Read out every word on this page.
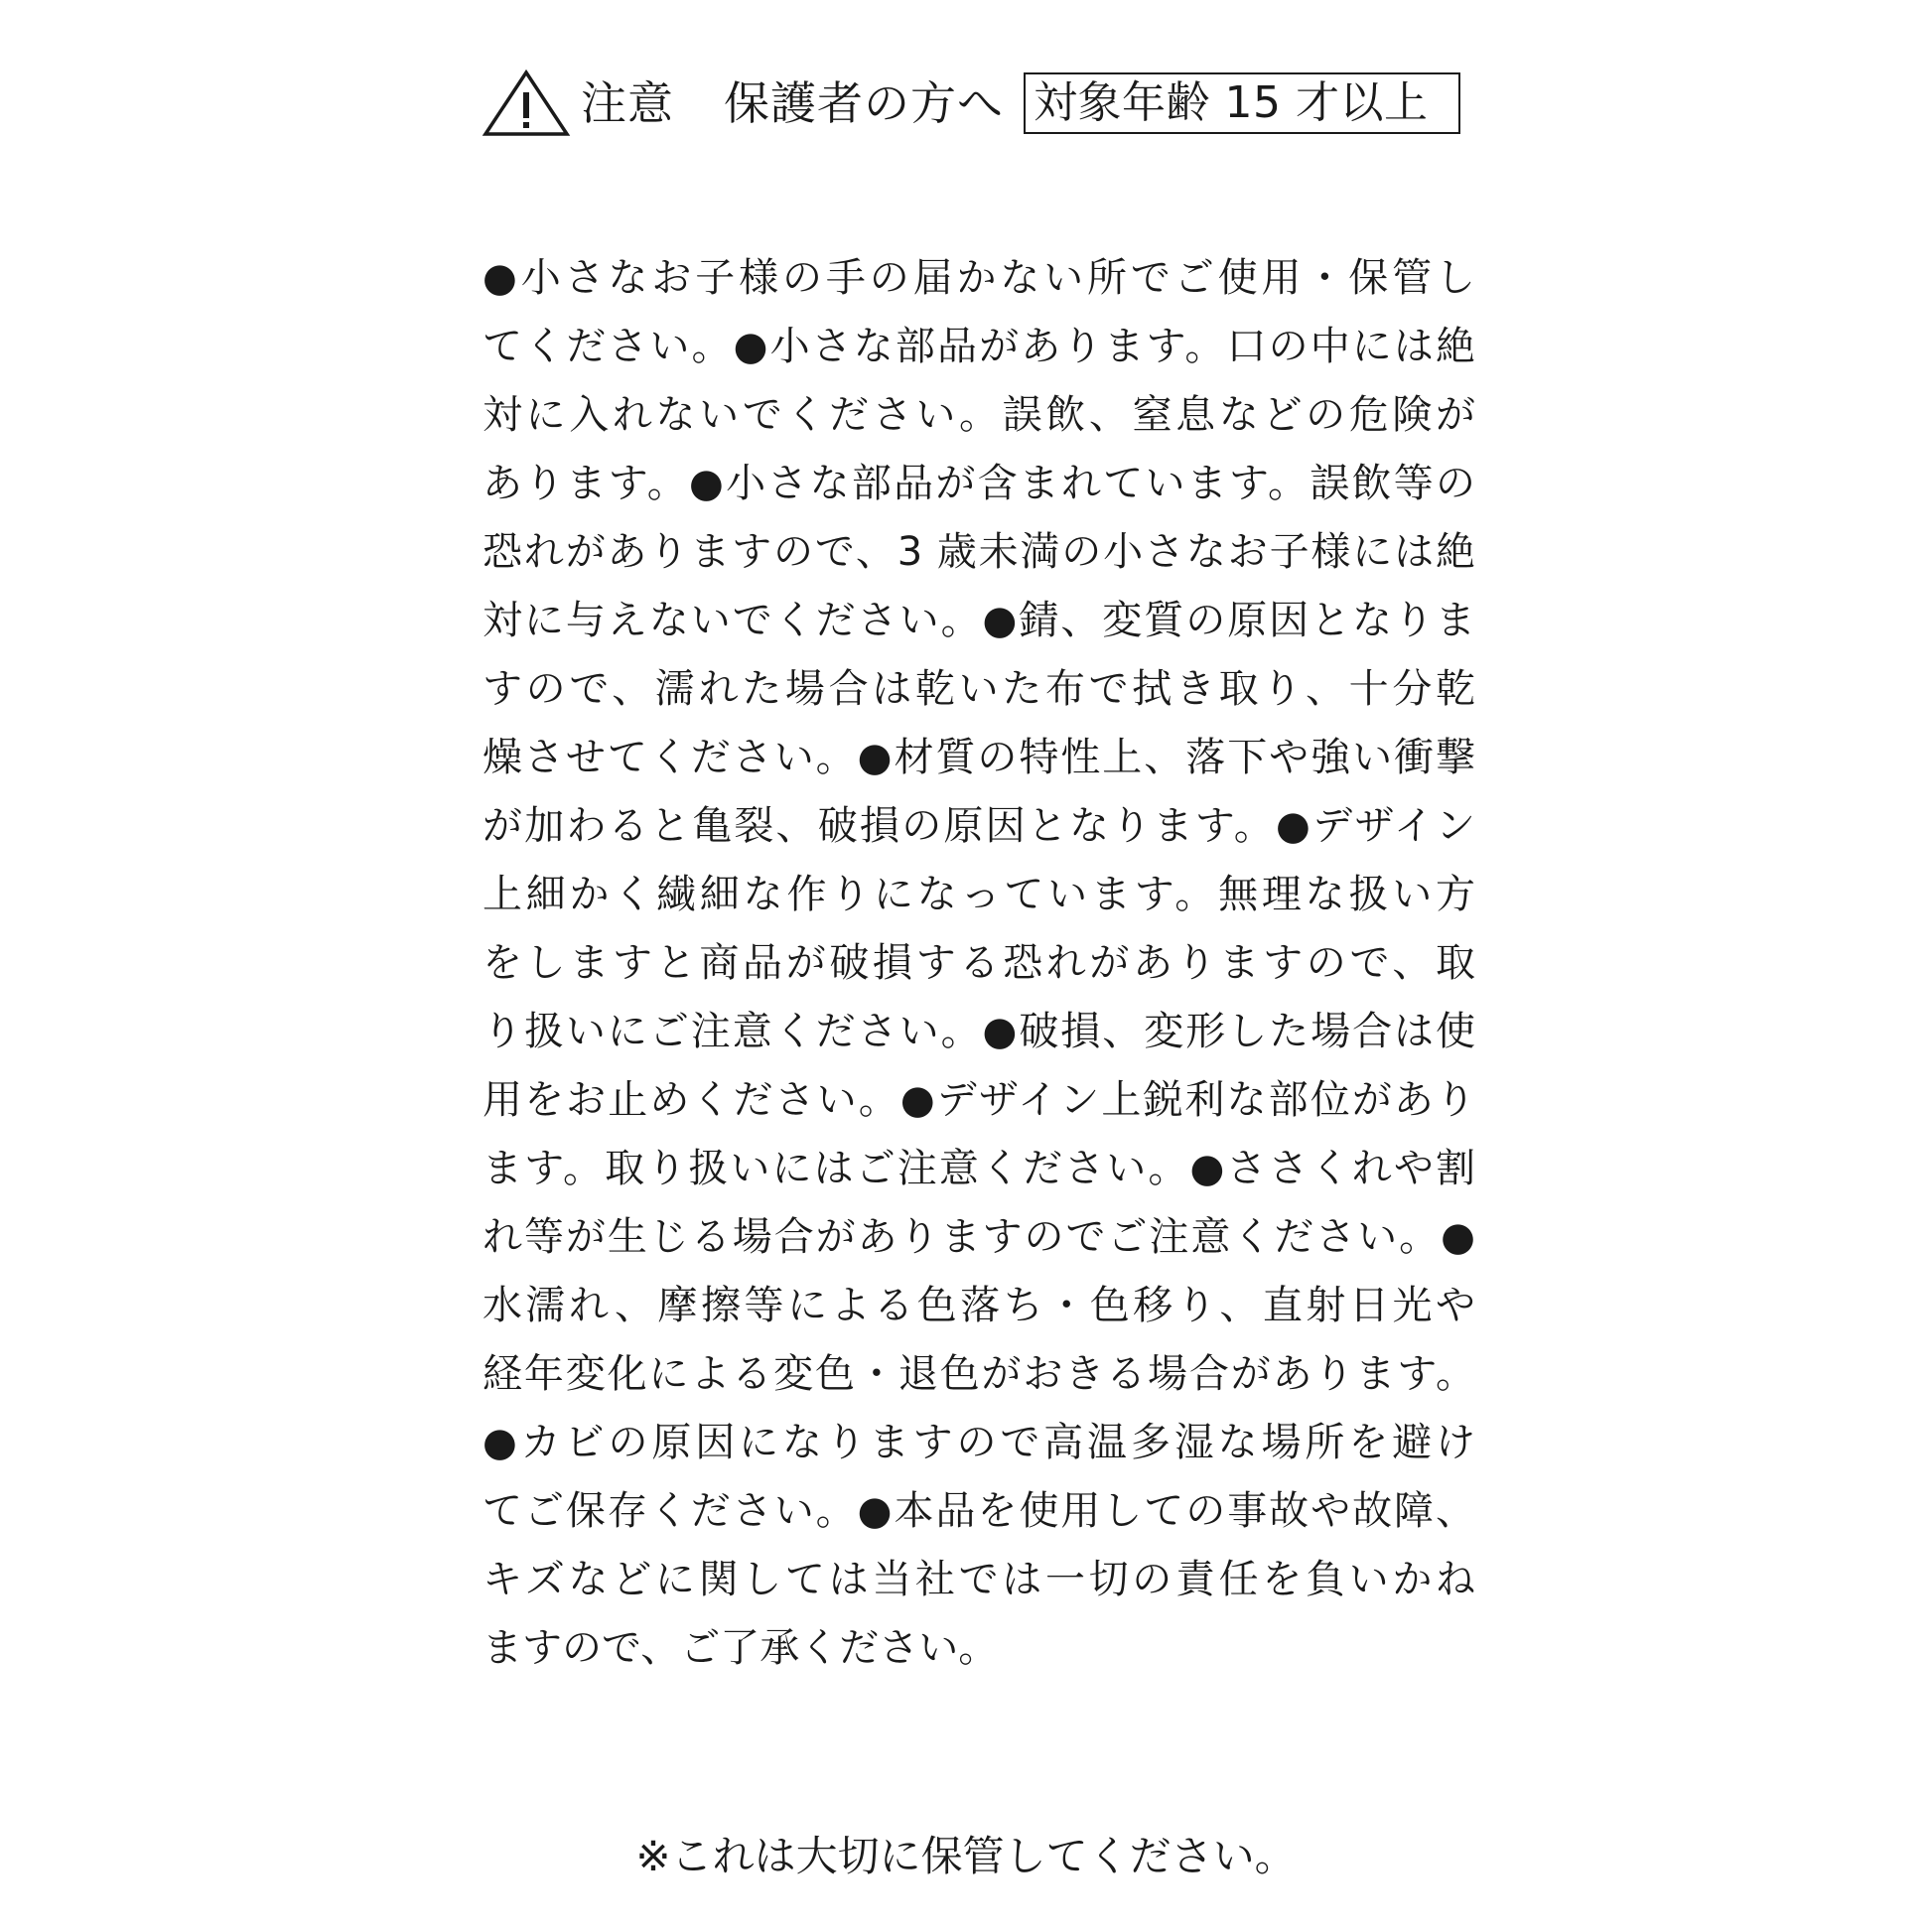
注意 保護者の方へ 対象年齢 15 才以上
●小さなお子様の手の届かない所でご使用・保管し
てください。●小さな部品があります。口の中には絶
対に入れないでください。誤飲、窒息などの危険が
あります。●小さな部品が含まれています。誤飲等の
恐れがありますので、3 歳未満の小さなお子様には絶
対に与えないでください。●錆、変質の原因となりま
すので、濡れた場合は乾いた布で拭き取り、十分乾
燥させてください。●材質の特性上、落下や強い衝撃
が加わると亀裂、破損の原因となります。●デザイン
上細かく繊細な作りになっています。無理な扱い方
をしますと商品が破損する恐れがありますので、取
り扱いにご注意ください。●破損、変形した場合は使
用をお止めください。●デザイン上鋭利な部位があり
ます。取り扱いにはご注意ください。●ささくれや割
れ等が生じる場合がありますのでご注意ください。●
水濡れ、摩擦等による色落ち・色移り、直射日光や
経年変化による変色・退色がおきる場合があります。
●カビの原因になりますので高温多湿な場所を避け
てご保存ください。●本品を使用しての事故や故障、
キズなどに関しては当社では一切の責任を負いかね
ますので、ご了承ください。
※これは大切に保管してください。
